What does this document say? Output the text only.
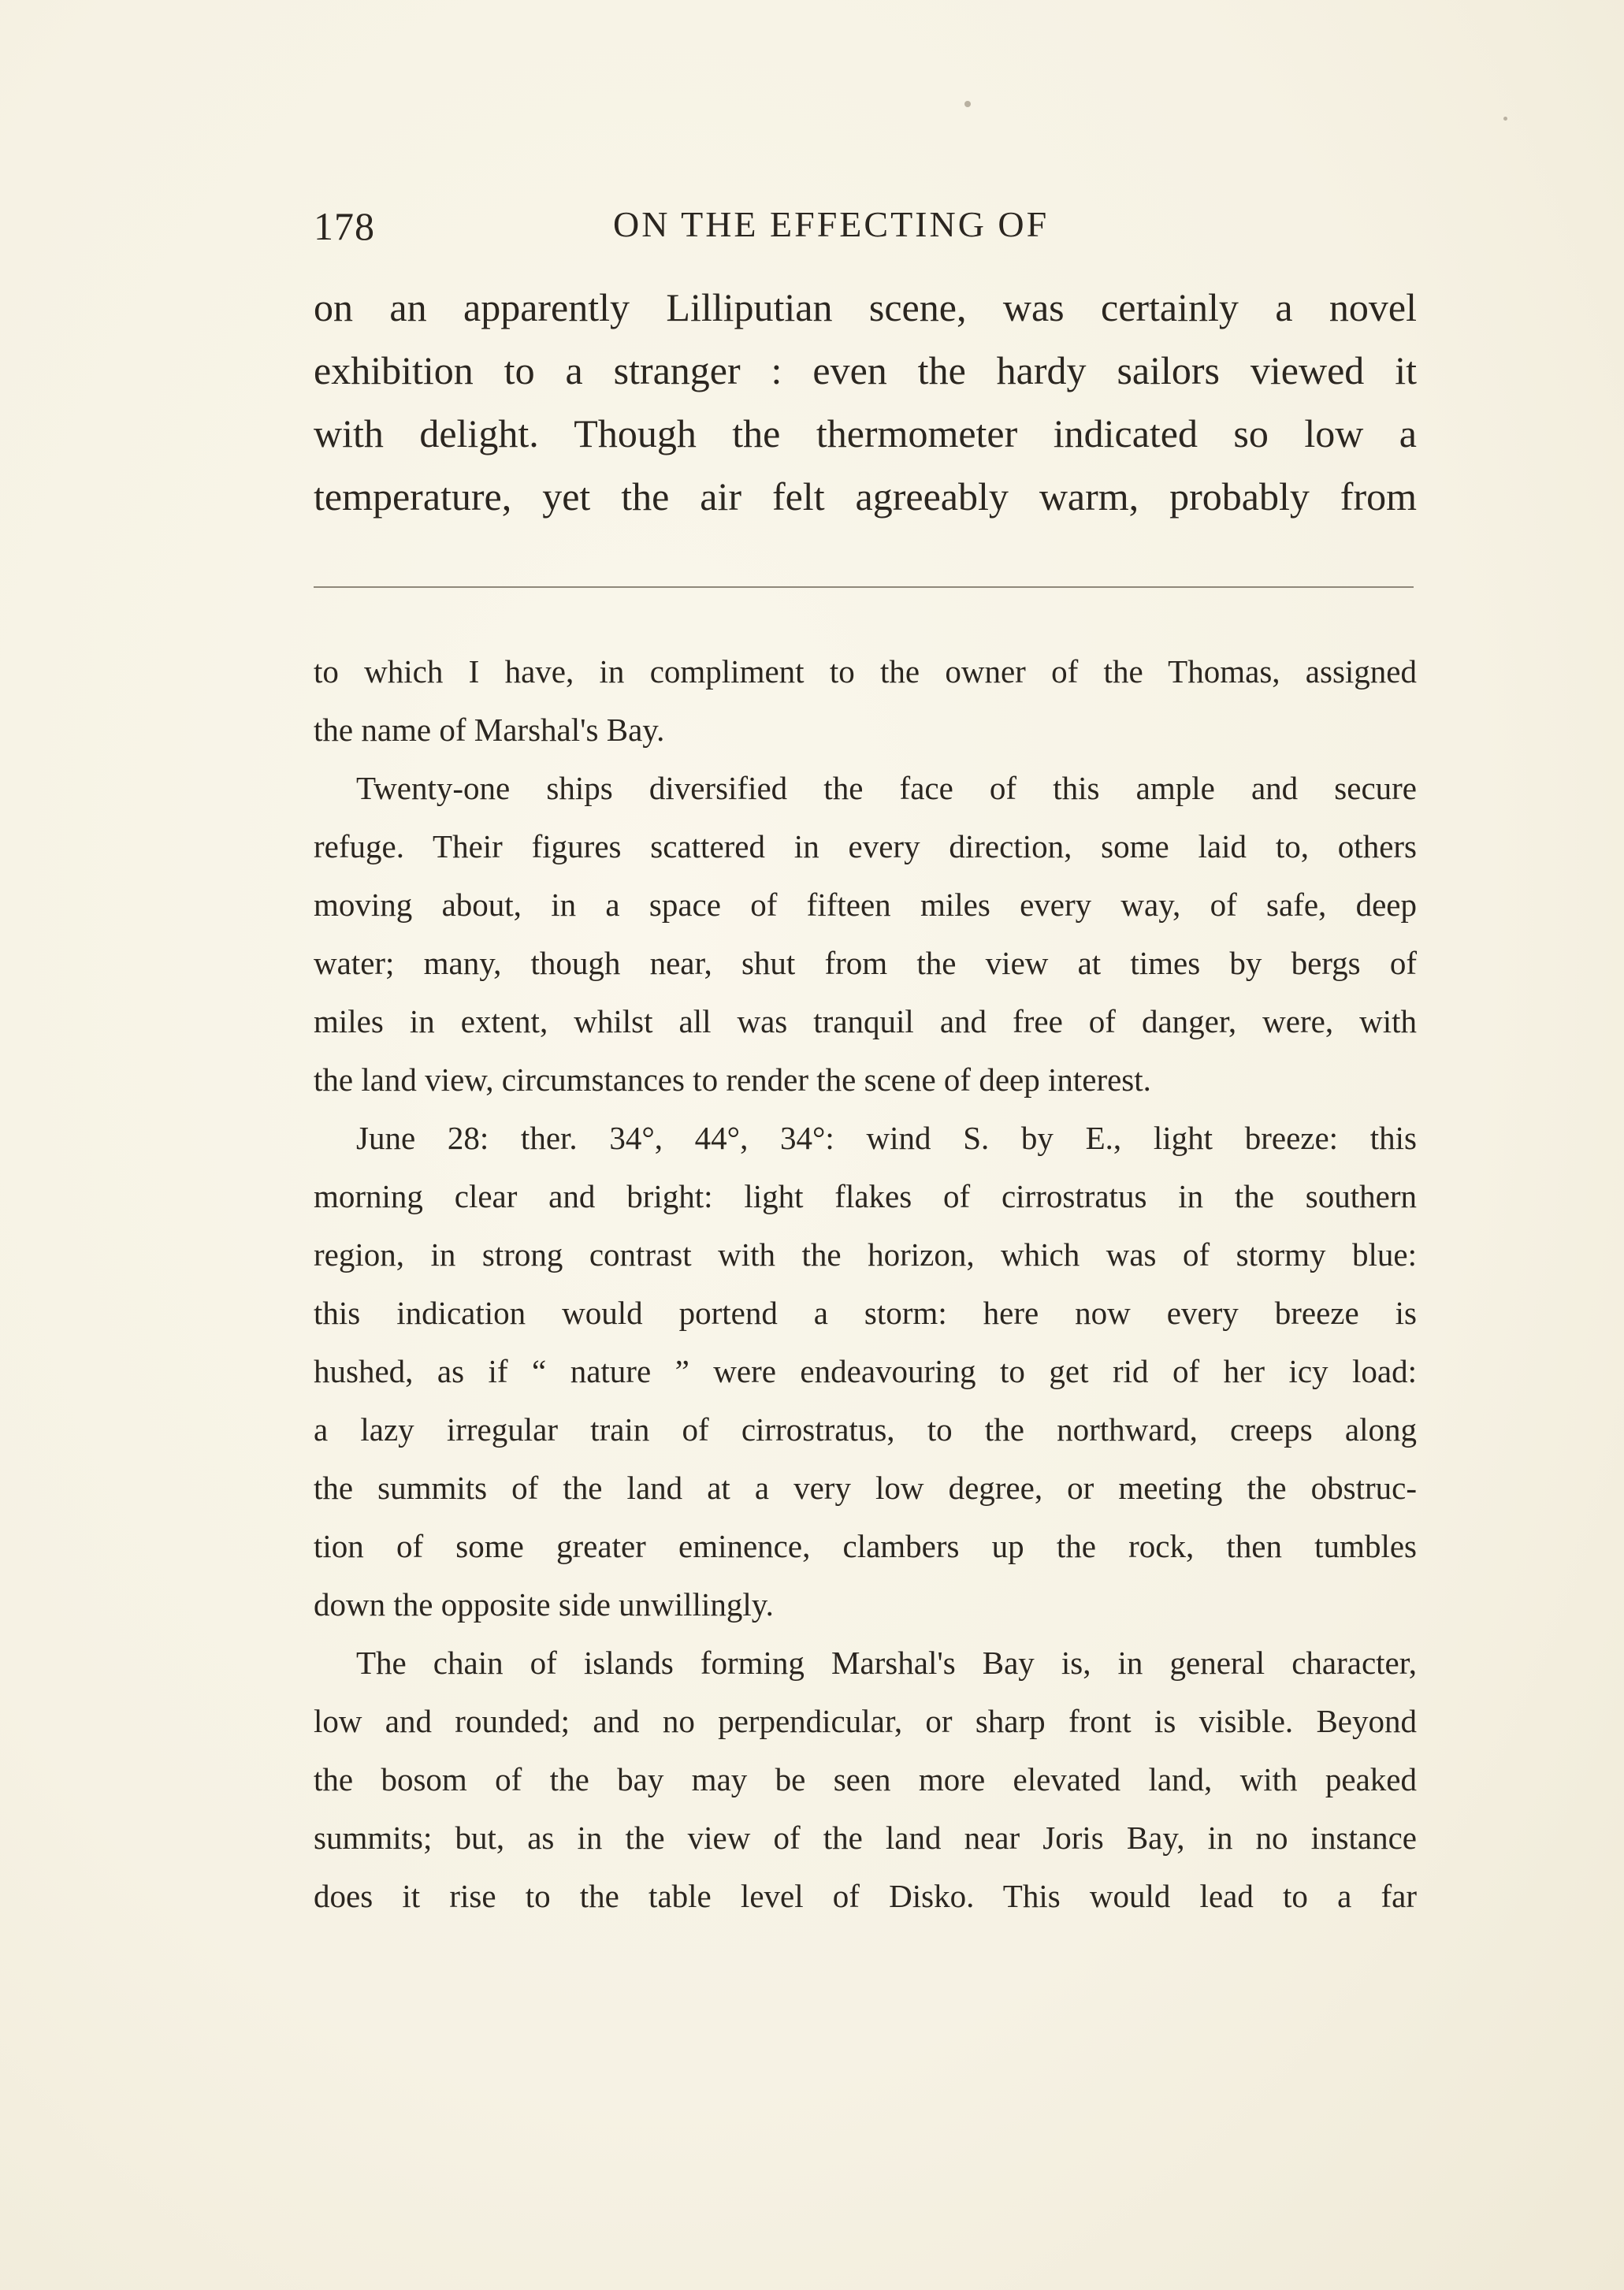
178	ON THE EFFECTING OF
on an apparently Lilliputian scene, was certainly a novel
exhibition to a stranger : even the hardy sailors viewed it
with delight. Though the thermometer indicated so low a
temperature, yet the air felt agreeably warm, probably from
to which I have, in compliment to the owner of the Thomas, assigned
the name of Marshal's Bay.
Twenty-one ships diversified the face of this ample and secure
refuge. Their figures scattered in every direction, some laid to, others
moving about, in a space of fifteen miles every way, of safe, deep
water; many, though near, shut from the view at times by bergs of
miles in extent, whilst all was tranquil and free of danger, were, with
the land view, circumstances to render the scene of deep interest.
June 28: ther. 34°, 44°, 34°: wind S. by E., light breeze: this
morning clear and bright: light flakes of cirrostratus in the southern
region, in strong contrast with the horizon, which was of stormy blue:
this indication would portend a storm: here now every breeze is
hushed, as if “ nature ” were endeavouring to get rid of her icy load:
a lazy irregular train of cirrostratus, to the northward, creeps along
the summits of the land at a very low degree, or meeting the obstruc-
tion of some greater eminence, clambers up the rock, then tumbles
down the opposite side unwillingly.
The chain of islands forming Marshal's Bay is, in general character,
low and rounded; and no perpendicular, or sharp front is visible. Beyond
the bosom of the bay may be seen more elevated land, with peaked
summits; but, as in the view of the land near Joris Bay, in no instance
does it rise to the table level of Disko. This would lead to a far
